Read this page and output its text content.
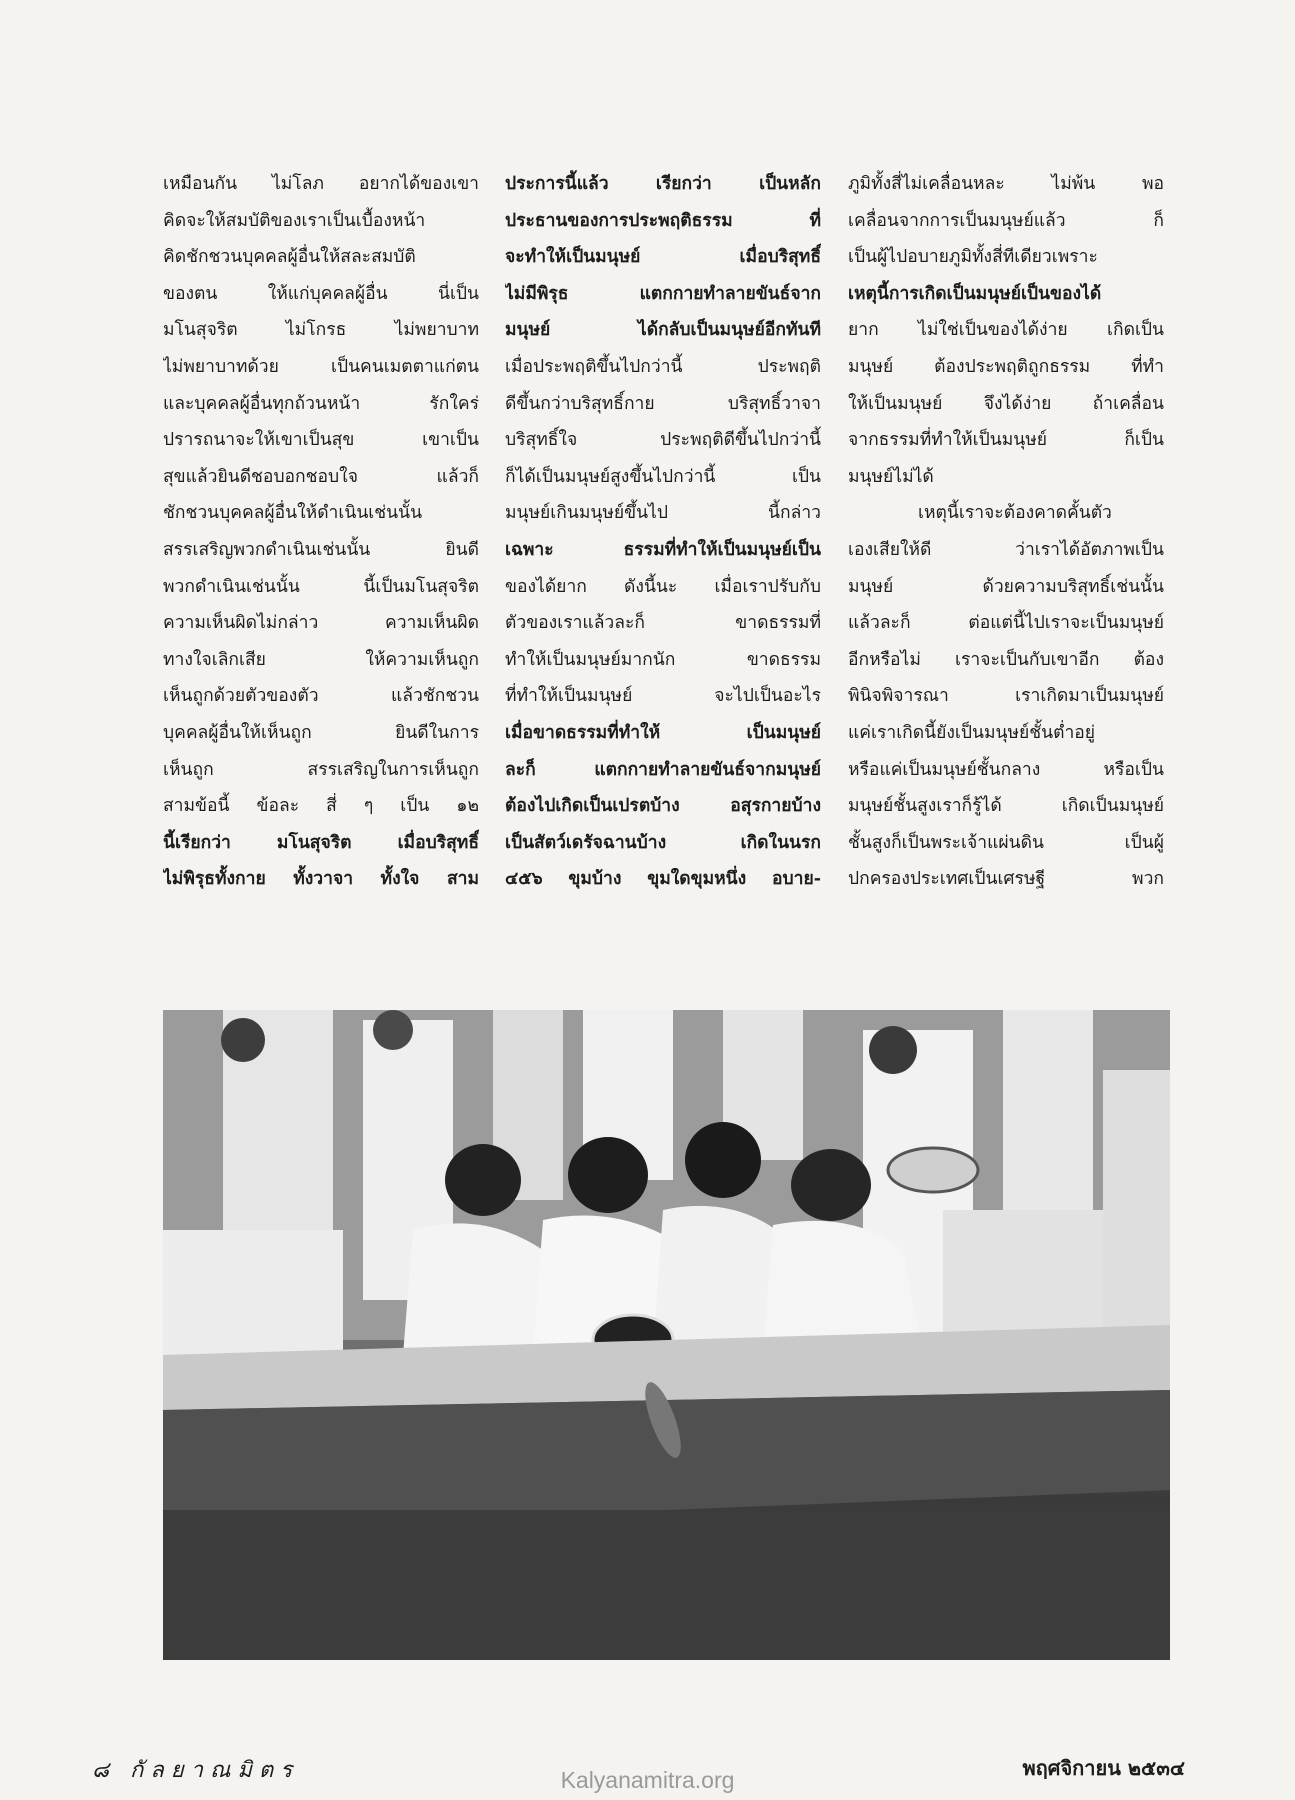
เหมือนกัน ไม่โลภ อยากได้ของเขา
คิดจะให้สมบัติของเราเป็นเบื้องหน้า
คิดชักชวนบุคคลผู้อื่นให้สละสมบัติ
ของตน ให้แก่บุคคลผู้อื่น นี่เป็น
มโนสุจริต ไม่โกรธ ไม่พยาบาท
ไม่พยาบาทด้วย เป็นคนเมตตาแก่ตน
และบุคคลผู้อื่นทุกถ้วนหน้า รักใคร่
ปรารถนาจะให้เขาเป็นสุข เขาเป็น
สุขแล้วยินดีชอบอกชอบใจ แล้วก็
ชักชวนบุคคลผู้อื่นให้ดำเนินเช่นนั้น
สรรเสริญพวกดำเนินเช่นนั้น ยินดี
พวกดำเนินเช่นนั้น นี้เป็นมโนสุจริต
ความเห็นผิดไม่กล่าว ความเห็นผิด
ทางใจเลิกเสีย ให้ความเห็นถูก
เห็นถูกด้วยตัวของตัว แล้วชักชวน
บุคคลผู้อื่นให้เห็นถูก ยินดีในการ
เห็นถูก สรรเสริญในการเห็นถูก
สามข้อนี้ ข้อละ สี่ ๆ เป็น ๑๒
นี้เรียกว่า มโนสุจริต เมื่อบริสุทธิ์
ไม่พิรุธทั้งกาย ทั้งวาจา ทั้งใจ สาม
ประการนี้แล้ว เรียกว่า เป็นหลัก
ประธานของการประพฤติธรรม ที่
จะทำให้เป็นมนุษย์ เมื่อบริสุทธิ์
ไม่มีพิรุธ แตกกายทำลายขันธ์จาก
มนุษย์ ได้กลับเป็นมนุษย์อีกทันที
เมื่อประพฤติขึ้นไปกว่านี้ ประพฤติ
ดีขึ้นกว่าบริสุทธิ์กาย บริสุทธิ์วาจา
บริสุทธิ์ใจ ประพฤติดีขึ้นไปกว่านี้
ก็ได้เป็นมนุษย์สูงขึ้นไปกว่านี้ เป็น
มนุษย์เกินมนุษย์ขึ้นไป นี้กล่าว
เฉพาะ ธรรมที่ทำให้เป็นมนุษย์เป็น
ของได้ยาก ดังนี้นะ เมื่อเราปรับกับ
ตัวของเราแล้วละก็ ขาดธรรมที่
ทำให้เป็นมนุษย์มากนัก ขาดธรรม
ที่ทำให้เป็นมนุษย์ จะไปเป็นอะไร
เมื่อขาดธรรมที่ทำให้ เป็นมนุษย์
ละก็ แตกกายทำลายขันธ์จากมนุษย์
ต้องไปเกิดเป็นเปรตบ้าง อสุรกายบ้าง
เป็นสัตว์เดรัจฉานบ้าง เกิดในนรก
๔๕๖ ขุมบ้าง ขุมใดขุมหนึ่ง อบาย-
ภูมิทั้งสี่ไม่เคลื่อนหละ ไม่พ้น พอ
เคลื่อนจากการเป็นมนุษย์แล้ว ก็
เป็นผู้ไปอบายภูมิทั้งสี่ทีเดียวเพราะ
เหตุนี้การเกิดเป็นมนุษย์เป็นของได้
ยาก ไม่ใช่เป็นของได้ง่าย เกิดเป็น
มนุษย์ ต้องประพฤติถูกธรรม ที่ทำ
ให้เป็นมนุษย์ จึงได้ง่าย ถ้าเคลื่อน
จากธรรมที่ทำให้เป็นมนุษย์ ก็เป็น
มนุษย์ไม่ได้
เหตุนี้เราจะต้องคาดคั้นตัว
เองเสียให้ดี ว่าเราได้อัตภาพเป็น
มนุษย์ ด้วยความบริสุทธิ์เช่นนั้น
แล้วละก็ ต่อแต่นี้ไปเราจะเป็นมนุษย์
อีกหรือไม่ เราจะเป็นกับเขาอีก ต้อง
พินิจพิจารณา เราเกิดมาเป็นมนุษย์
แค่เราเกิดนี้ยังเป็นมนุษย์ชั้นต่ำอยู่
หรือแค่เป็นมนุษย์ชั้นกลาง หรือเป็น
มนุษย์ชั้นสูงเราก็รู้ได้ เกิดเป็นมนุษย์
ชั้นสูงก็เป็นพระเจ้าแผ่นดิน เป็นผู้
ปกครองประเทศเป็นเศรษฐี พวก
๘ กัลยาณมิตร	พฤศจิกายน ๒๕๓๔
Kalyanamitra.org
